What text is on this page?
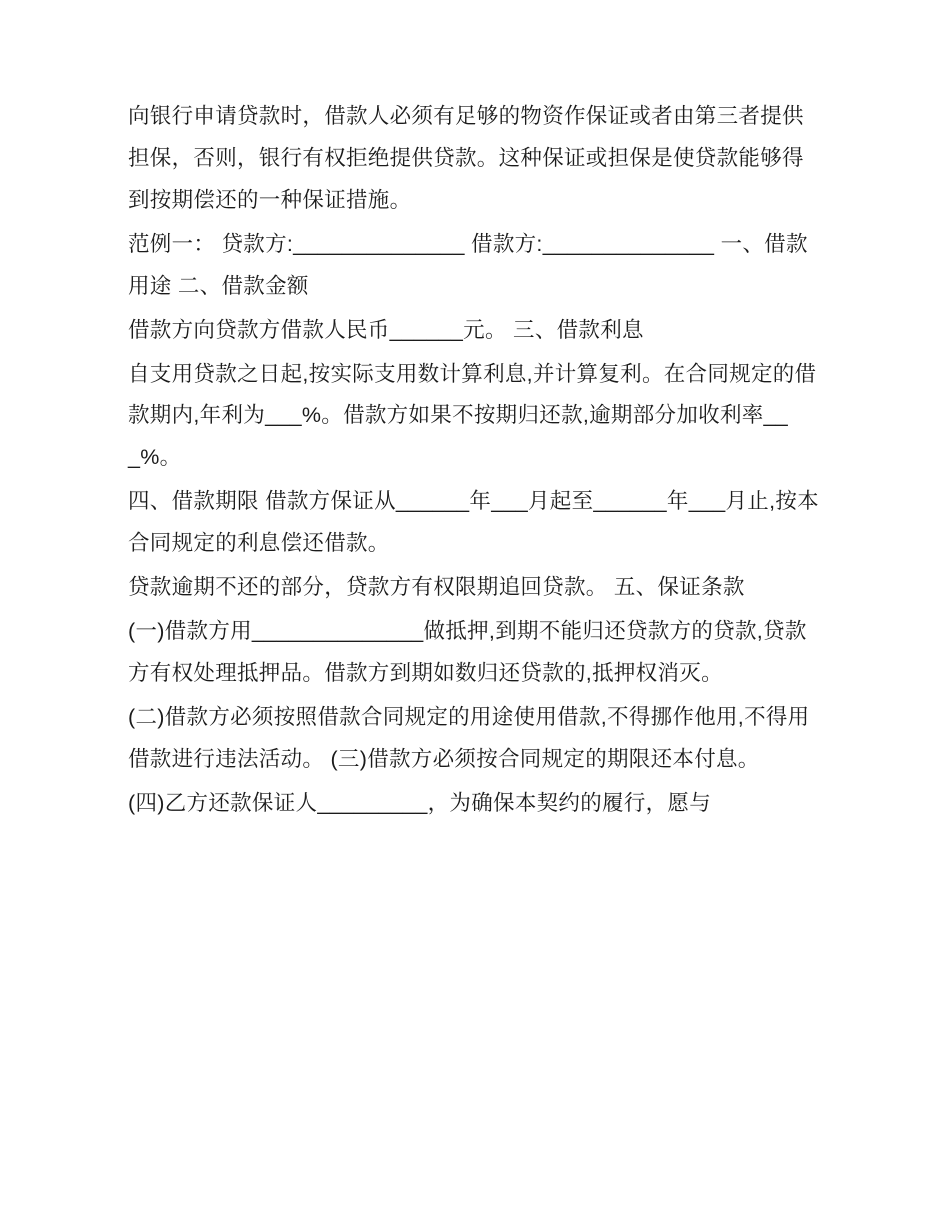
向银行申请贷款时，借款人必须有足够的物资作保证或者由第三者提供担保，否则，银行有权拒绝提供贷款。这种保证或担保是使贷款能够得到按期偿还的一种保证措施。

范例一： 贷款方:______________ 借款方:______________ 一、借款用途 二、借款金额

借款方向贷款方借款人民币______元。 三、借款利息

自支用贷款之日起,按实际支用数计算利息,并计算复利。在合同规定的借款期内,年利为___%。借款方如果不按期归还款,逾期部分加收利率___%。

四、借款期限 借款方保证从______年___月起至______年___月止,按本合同规定的利息偿还借款。

贷款逾期不还的部分，贷款方有权限期追回贷款。 五、保证条款

(一)借款方用______________做抵押,到期不能归还贷款方的贷款,贷款方有权处理抵押品。借款方到期如数归还贷款的,抵押权消灭。

(二)借款方必须按照借款合同规定的用途使用借款,不得挪作他用,不得用借款进行违法活动。 (三)借款方必须按合同规定的期限还本付息。

(四)乙方还款保证人_________，为确保本契约的履行，愿与
